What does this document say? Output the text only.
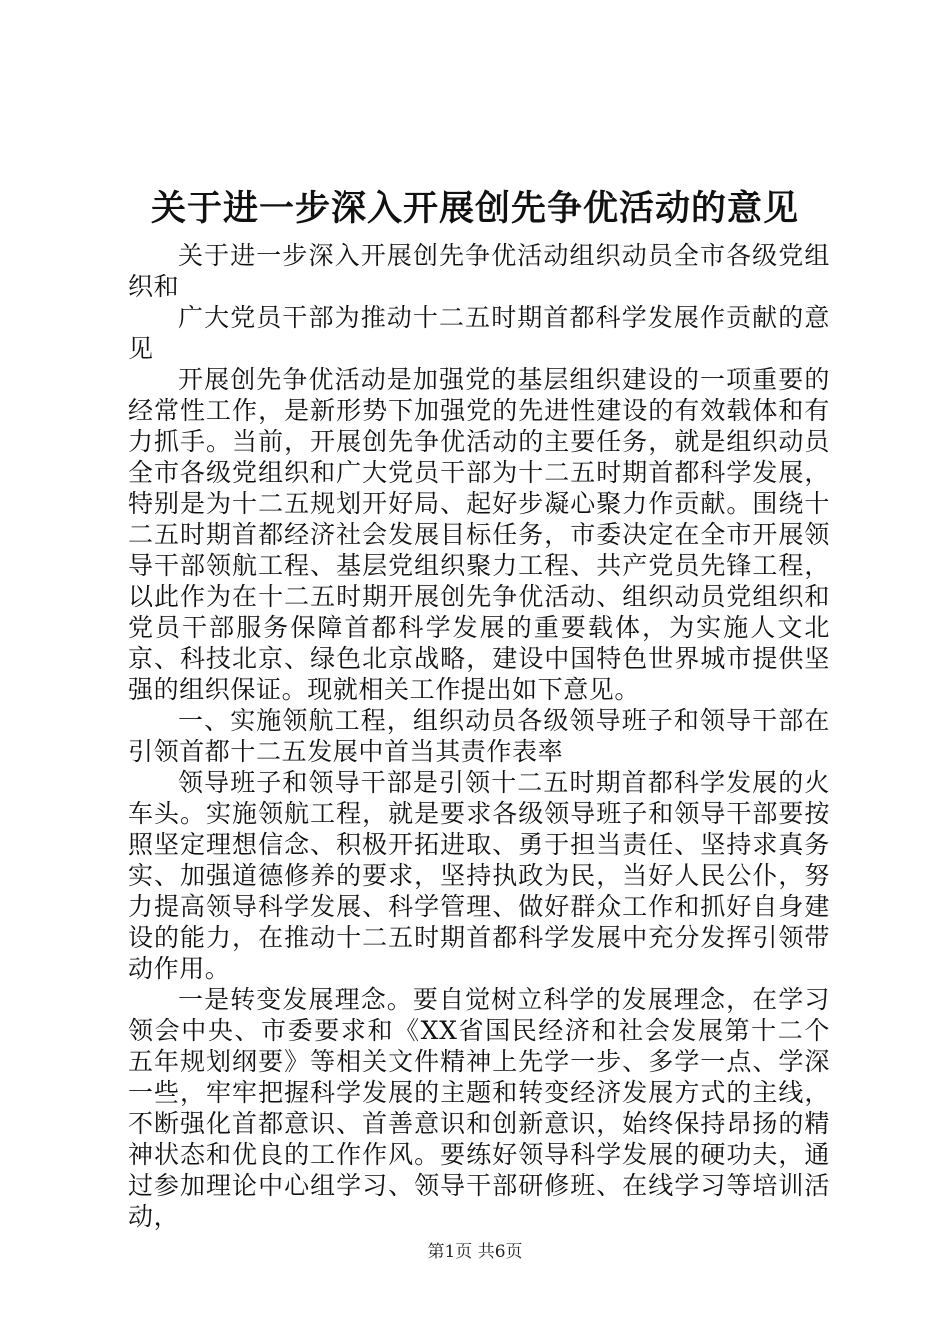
关于进一步深入开展创先争优活动的意见

关于进一步深入开展创先争优活动组织动员全市各级党组织和

广大党员干部为推动十二五时期首都科学发展作贡献的意见

开展创先争优活动是加强党的基层组织建设的一项重要的经常性工作，是新形势下加强党的先进性建设的有效载体和有力抓手。当前，开展创先争优活动的主要任务，就是组织动员全市各级党组织和广大党员干部为十二五时期首都科学发展，特别是为十二五规划开好局、起好步凝心聚力作贡献。围绕十二五时期首都经济社会发展目标任务，市委决定在全市开展领导干部领航工程、基层党组织聚力工程、共产党员先锋工程，以此作为在十二五时期开展创先争优活动、组织动员党组织和党员干部服务保障首都科学发展的重要载体，为实施人文北京、科技北京、绿色北京战略，建设中国特色世界城市提供坚强的组织保证。现就相关工作提出如下意见。

一、实施领航工程，组织动员各级领导班子和领导干部在引领首都十二五发展中首当其责作表率

领导班子和领导干部是引领十二五时期首都科学发展的火车头。实施领航工程，就是要求各级领导班子和领导干部要按照坚定理想信念、积极开拓进取、勇于担当责任、坚持求真务实、加强道德修养的要求，坚持执政为民，当好人民公仆，努力提高领导科学发展、科学管理、做好群众工作和抓好自身建设的能力，在推动十二五时期首都科学发展中充分发挥引领带动作用。

一是转变发展理念。要自觉树立科学的发展理念，在学习领会中央、市委要求和《XX省国民经济和社会发展第十二个五年规划纲要》等相关文件精神上先学一步、多学一点、学深一些，牢牢把握科学发展的主题和转变经济发展方式的主线，不断强化首都意识、首善意识和创新意识，始终保持昂扬的精神状态和优良的工作作风。要练好领导科学发展的硬功夫，通过参加理论中心组学习、领导干部研修班、在线学习等培训活动，

第1页 共6页
